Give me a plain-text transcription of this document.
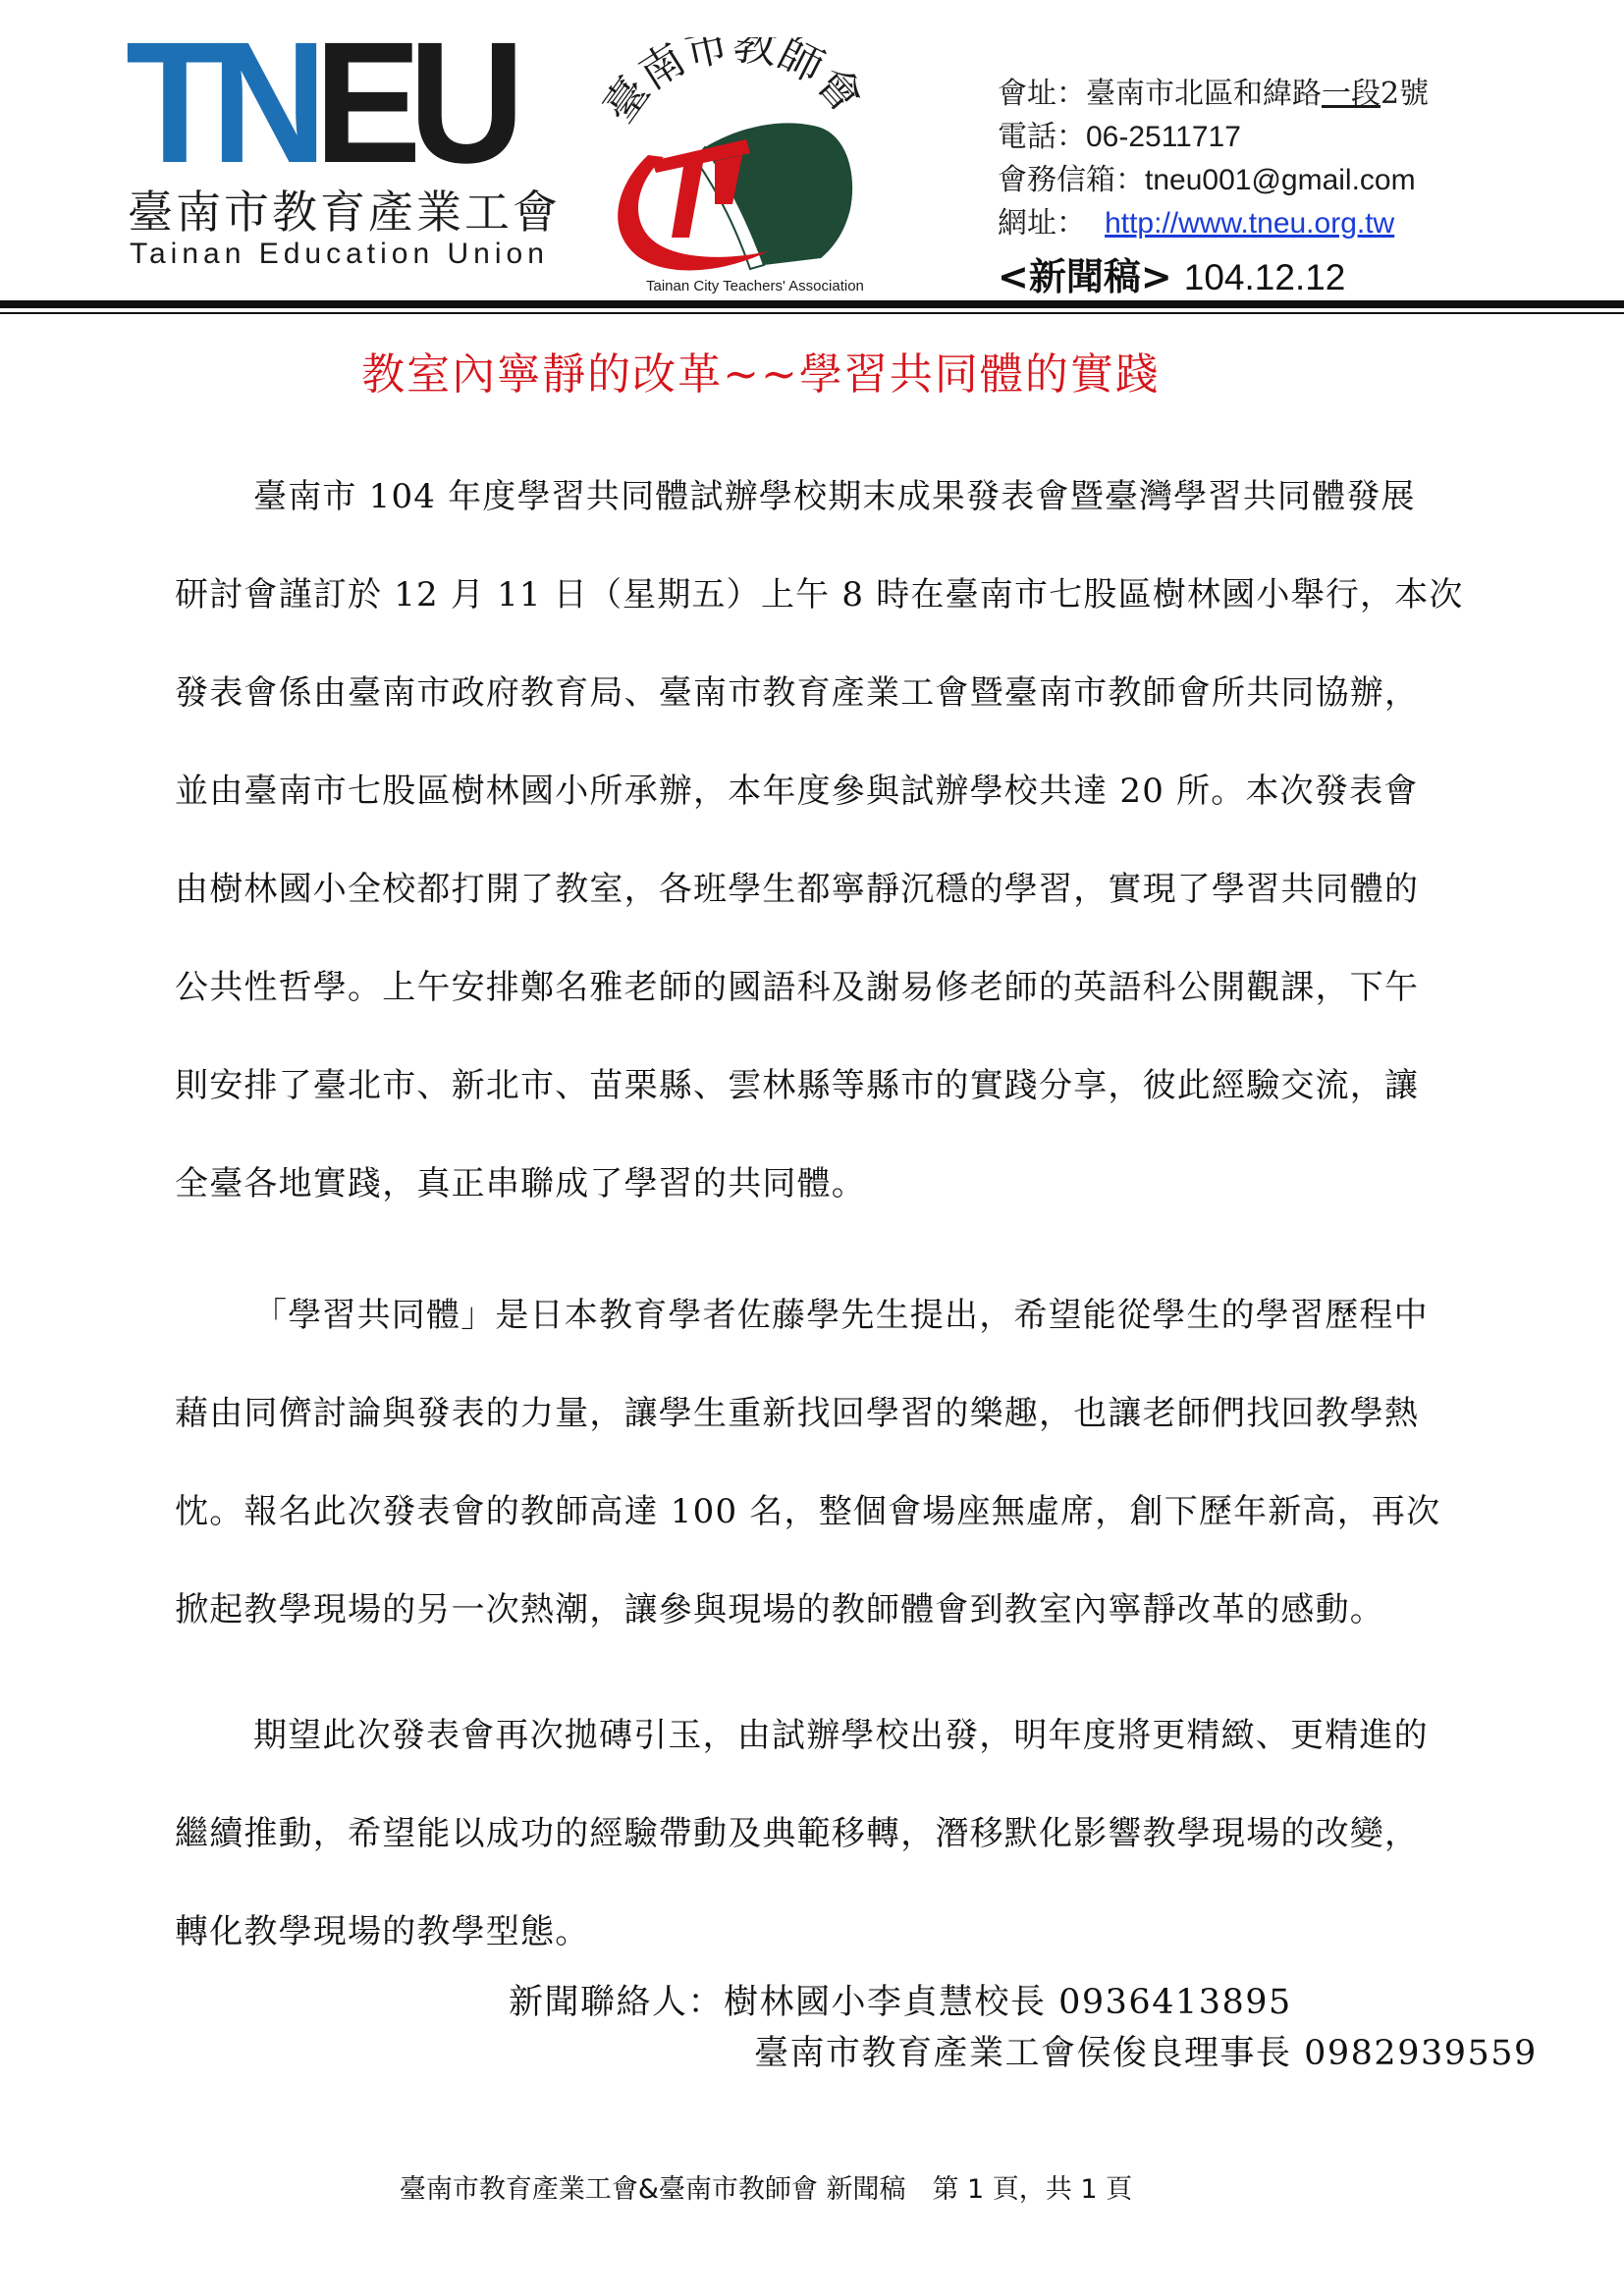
TNEU
臺南市教育產業工會
Tainan Education Union
臺南市教師會
Tainan City Teachers' Association
會址：臺南市北區和緯路一段2號
電話：06-2511717
會務信箱：tneu001@gmail.com
網址： http://www.tneu.org.tw
<新聞稿> 104.12.12
教室內寧靜的改革~~學習共同體的實踐
臺南市 104 年度學習共同體試辦學校期末成果發表會暨臺灣學習共同體發展
研討會謹訂於 12 月 11 日（星期五）上午 8 時在臺南市七股區樹林國小舉行，本次
發表會係由臺南市政府教育局、臺南市教育產業工會暨臺南市教師會所共同協辦，
並由臺南市七股區樹林國小所承辦，本年度參與試辦學校共達 20 所。本次發表會
由樹林國小全校都打開了教室，各班學生都寧靜沉穩的學習，實現了學習共同體的
公共性哲學。上午安排鄭名雅老師的國語科及謝易修老師的英語科公開觀課，下午
則安排了臺北市、新北市、苗栗縣、雲林縣等縣市的實踐分享，彼此經驗交流，讓
全臺各地實踐，真正串聯成了學習的共同體。
「學習共同體」是日本教育學者佐藤學先生提出，希望能從學生的學習歷程中
藉由同儕討論與發表的力量，讓學生重新找回學習的樂趣，也讓老師們找回教學熱
忱。報名此次發表會的教師高達 100 名，整個會場座無虛席，創下歷年新高，再次
掀起教學現場的另一次熱潮，讓參與現場的教師體會到教室內寧靜改革的感動。
期望此次發表會再次拋磚引玉，由試辦學校出發，明年度將更精緻、更精進的
繼續推動，希望能以成功的經驗帶動及典範移轉，潛移默化影響教學現場的改變，
轉化教學現場的教學型態。
新聞聯絡人：樹林國小李貞慧校長 0936413895
臺南市教育產業工會侯俊良理事長 0982939559
臺南市教育產業工會&臺南市教師會 新聞稿　第 1 頁，共 1 頁
